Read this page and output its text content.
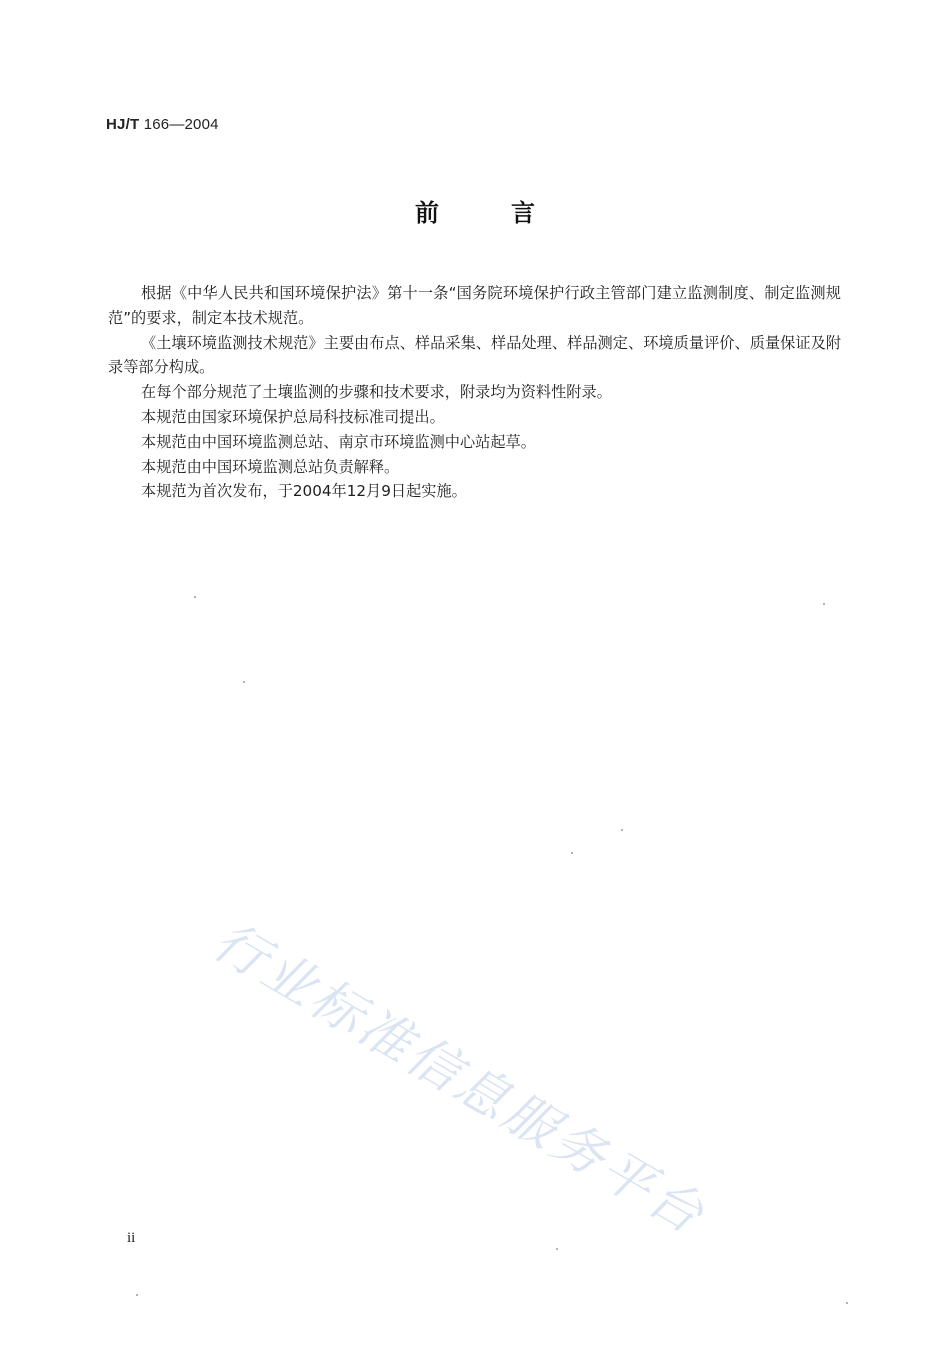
HJ/T 166—2004
前	言

根据《中华人民共和国环境保护法》第十一条“国务院环境保护行政主管部门建立监测制度、制定监测规范”的要求，制定本技术规范。

《土壤环境监测技术规范》主要由布点、样品采集、样品处理、样品测定、环境质量评价、质量保证及附录等部分构成。

在每个部分规范了土壤监测的步骤和技术要求，附录均为资料性附录。

本规范由国家环境保护总局科技标准司提出。

本规范由中国环境监测总站、南京市环境监测中心站起草。

本规范由中国环境监测总站负责解释。

本规范为首次发布，于2004年12月9日起实施。

行业标准信息服务平台
ii
